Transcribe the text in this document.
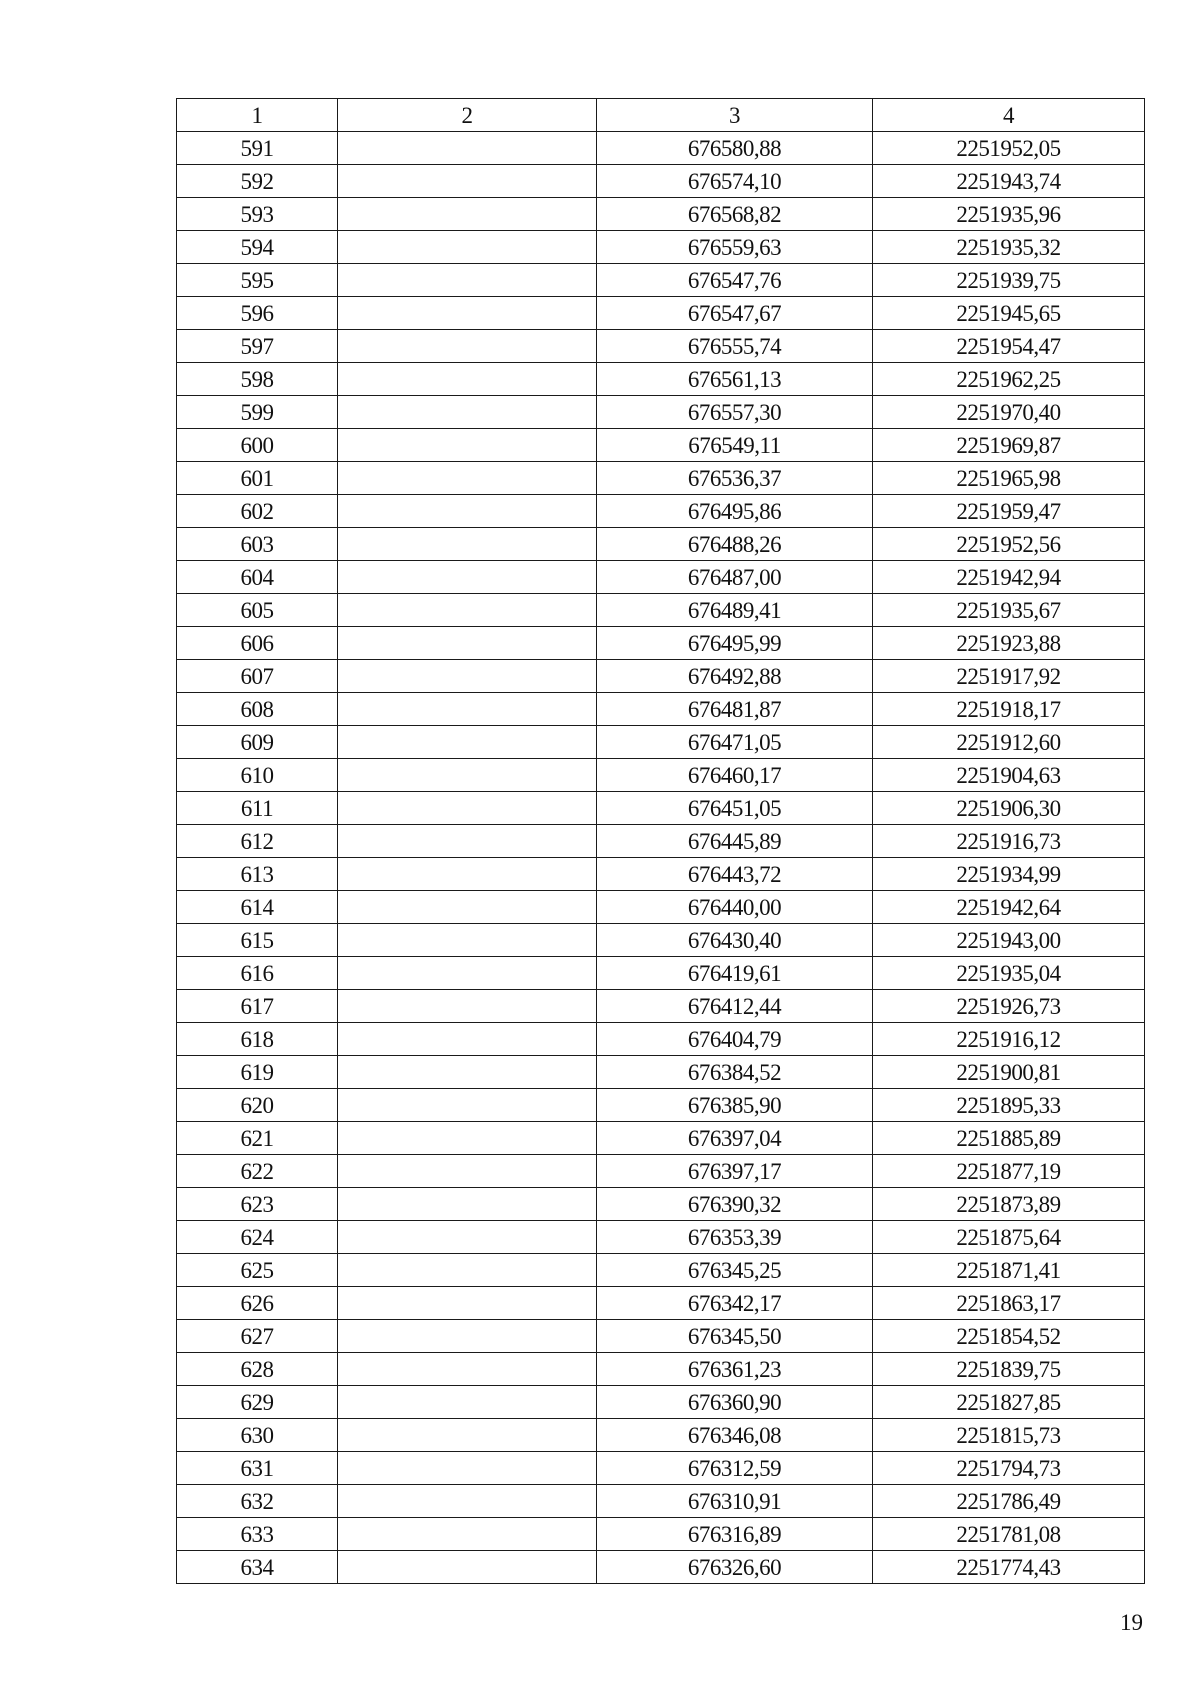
1	2	3	4
591		676580,88	2251952,05
592		676574,10	2251943,74
593		676568,82	2251935,96
594		676559,63	2251935,32
595		676547,76	2251939,75
596		676547,67	2251945,65
597		676555,74	2251954,47
598		676561,13	2251962,25
599		676557,30	2251970,40
600		676549,11	2251969,87
601		676536,37	2251965,98
602		676495,86	2251959,47
603		676488,26	2251952,56
604		676487,00	2251942,94
605		676489,41	2251935,67
606		676495,99	2251923,88
607		676492,88	2251917,92
608		676481,87	2251918,17
609		676471,05	2251912,60
610		676460,17	2251904,63
611		676451,05	2251906,30
612		676445,89	2251916,73
613		676443,72	2251934,99
614		676440,00	2251942,64
615		676430,40	2251943,00
616		676419,61	2251935,04
617		676412,44	2251926,73
618		676404,79	2251916,12
619		676384,52	2251900,81
620		676385,90	2251895,33
621		676397,04	2251885,89
622		676397,17	2251877,19
623		676390,32	2251873,89
624		676353,39	2251875,64
625		676345,25	2251871,41
626		676342,17	2251863,17
627		676345,50	2251854,52
628		676361,23	2251839,75
629		676360,90	2251827,85
630		676346,08	2251815,73
631		676312,59	2251794,73
632		676310,91	2251786,49
633		676316,89	2251781,08
634		676326,60	2251774,43
19
